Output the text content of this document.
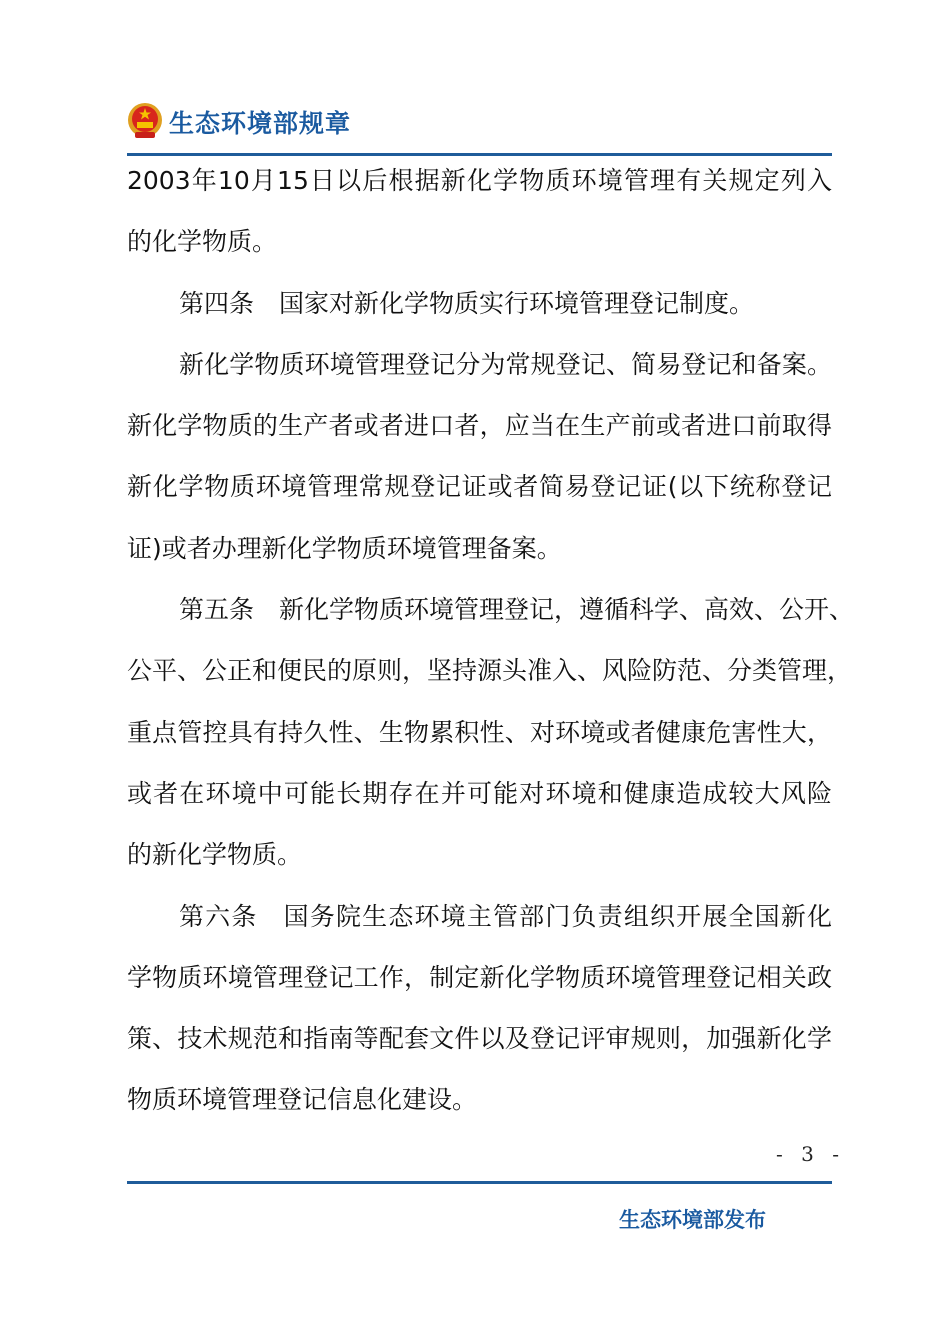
生态环境部规章
2003年10月15日以后根据新化学物质环境管理有关规定列入
的化学物质。
第四条　国家对新化学物质实行环境管理登记制度。
新化学物质环境管理登记分为常规登记、简易登记和备案。
新化学物质的生产者或者进口者，应当在生产前或者进口前取得
新化学物质环境管理常规登记证或者简易登记证(以下统称登记
证)或者办理新化学物质环境管理备案。
第五条　新化学物质环境管理登记，遵循科学、高效、公开、
公平、公正和便民的原则，坚持源头准入、风险防范、分类管理，
重点管控具有持久性、生物累积性、对环境或者健康危害性大，
或者在环境中可能长期存在并可能对环境和健康造成较大风险
的新化学物质。
第六条　国务院生态环境主管部门负责组织开展全国新化
学物质环境管理登记工作，制定新化学物质环境管理登记相关政
策、技术规范和指南等配套文件以及登记评审规则，加强新化学
物质环境管理登记信息化建设。
- 3 -
生态环境部发布
